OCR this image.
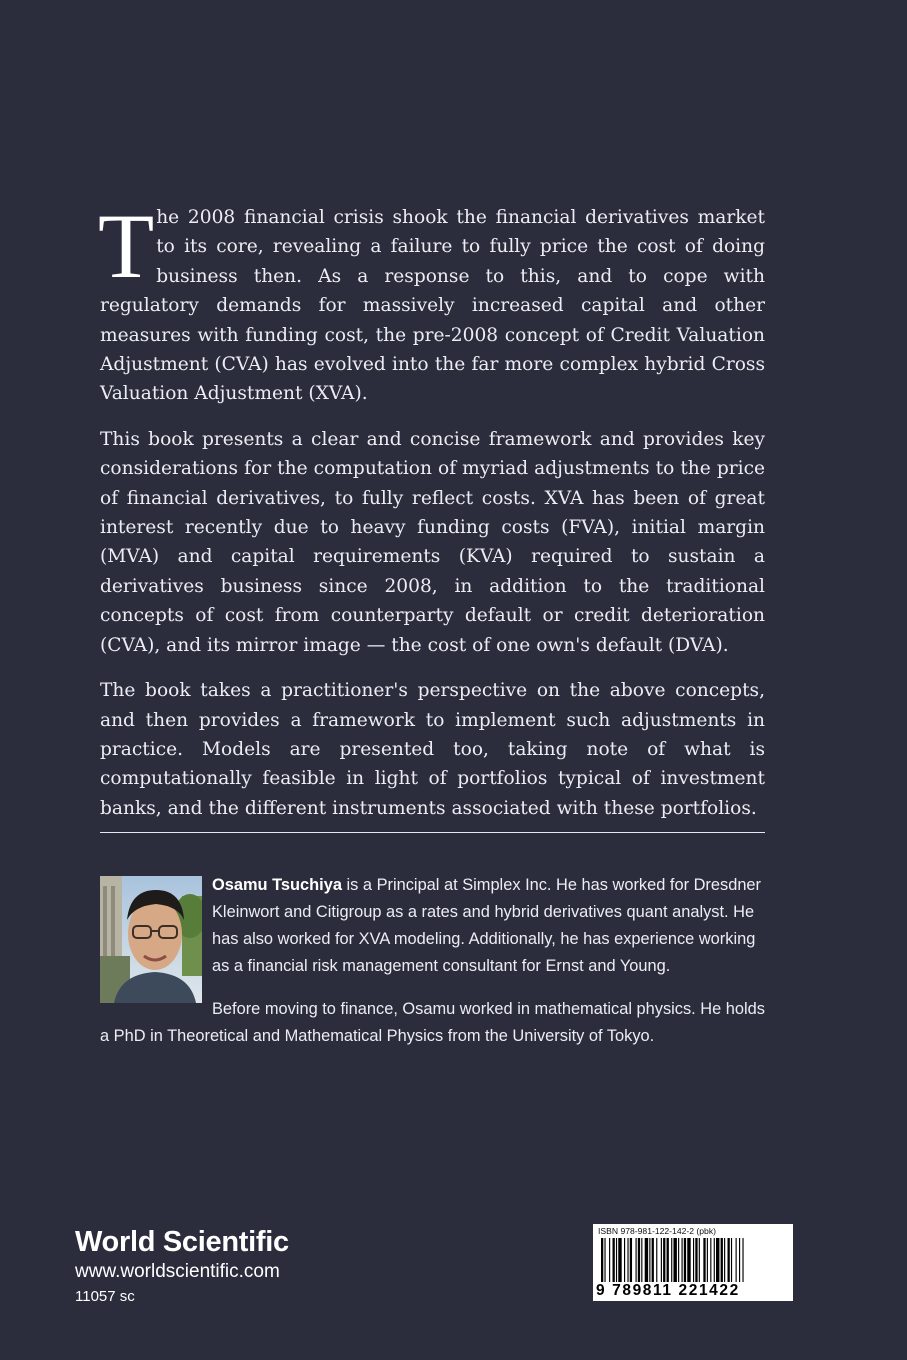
The 2008 financial crisis shook the financial derivatives market to its core, revealing a failure to fully price the cost of doing business then. As a response to this, and to cope with regulatory demands for massively increased capital and other measures with funding cost, the pre-2008 concept of Credit Valuation Adjustment (CVA) has evolved into the far more complex hybrid Cross Valuation Adjustment (XVA).

This book presents a clear and concise framework and provides key considerations for the computation of myriad adjustments to the price of financial derivatives, to fully reflect costs. XVA has been of great interest recently due to heavy funding costs (FVA), initial margin (MVA) and capital requirements (KVA) required to sustain a derivatives business since 2008, in addition to the traditional concepts of cost from counterparty default or credit deterioration (CVA), and its mirror image — the cost of one own's default (DVA).

The book takes a practitioner's perspective on the above concepts, and then provides a framework to implement such adjustments in practice. Models are presented too, taking note of what is computationally feasible in light of portfolios typical of investment banks, and the different instruments associated with these portfolios.

Osamu Tsuchiya is a Principal at Simplex Inc. He has worked for Dresdner Kleinwort and Citigroup as a rates and hybrid derivatives quant analyst. He has also worked for XVA modeling. Additionally, he has experience working as a financial risk management consultant for Ernst and Young.

Before moving to finance, Osamu worked in mathematical physics. He holds a PhD in Theoretical and Mathematical Physics from the University of Tokyo.

World Scientific
www.worldscientific.com
11057 sc
ISBN 978-981-122-142-2 (pbk)
9 789811 221422
